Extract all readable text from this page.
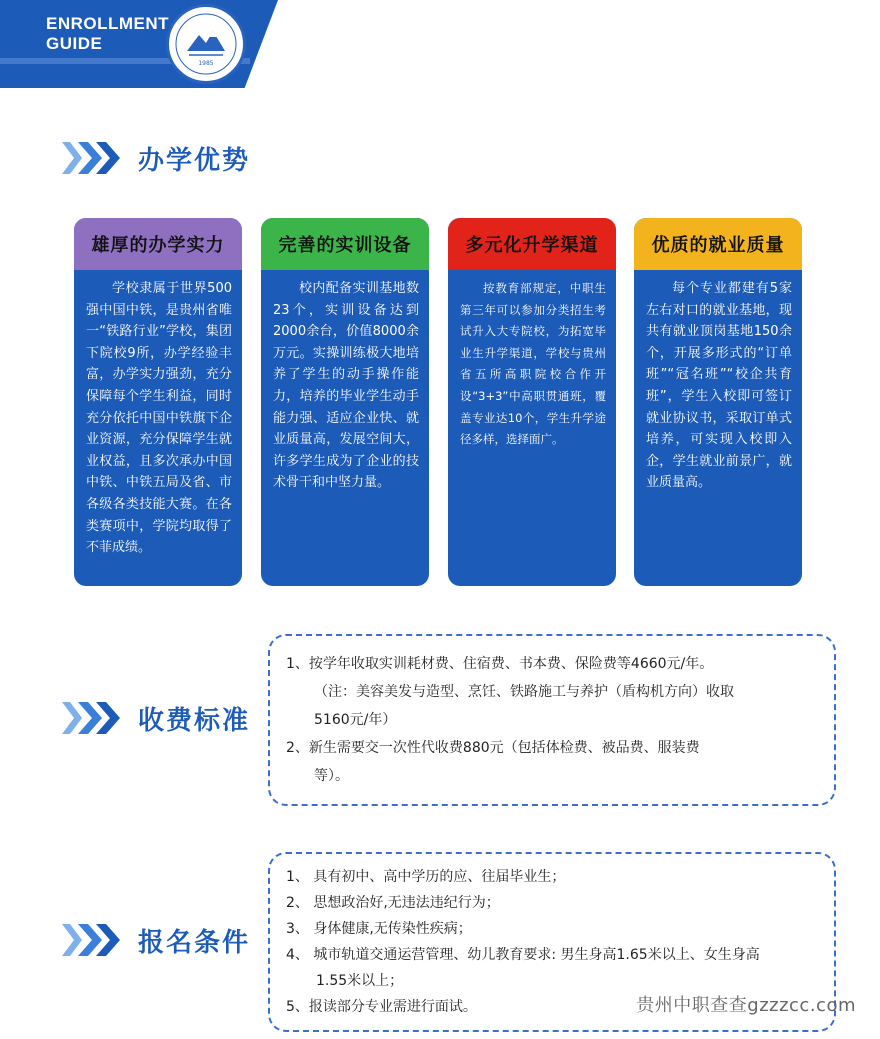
ENROLLMENT
GUIDE
1985
办学优势
雄厚的办学实力
学校隶属于世界500强中国中铁，是贵州省唯一“铁路行业”学校，集团下院校9所，办学经验丰富，办学实力强劲，充分保障每个学生利益，同时充分依托中国中铁旗下企业资源，充分保障学生就业权益，且多次承办中国中铁、中铁五局及省、市各级各类技能大赛。在各类赛项中，学院均取得了不菲成绩。
完善的实训设备
校内配备实训基地数23个，实训设备达到2000余台，价值8000余万元。实操训练极大地培养了学生的动手操作能力，培养的毕业学生动手能力强、适应企业快、就业质量高，发展空间大，许多学生成为了企业的技术骨干和中坚力量。
多元化升学渠道
按教育部规定，中职生第三年可以参加分类招生考试升入大专院校，为拓宽毕业生升学渠道，学校与贵州省五所高职院校合作开设“3+3”中高职贯通班，覆盖专业达10个，学生升学途径多样，选择面广。
优质的就业质量
每个专业都建有5家左右对口的就业基地，现共有就业顶岗基地150余个，开展多形式的“订单班”“冠名班”“校企共育班”，学生入校即可签订就业协议书，采取订单式培养，可实现入校即入企，学生就业前景广，就业质量高。
收费标准
1、按学年收取实训耗材费、住宿费、书本费、保险费等4660元/年。
（注：美容美发与造型、烹饪、铁路施工与养护（盾构机方向）收取
5160元/年）
2、新生需要交一次性代收费880元（包括体检费、被品费、服装费
等）。
报名条件
1、 具有初中、高中学历的应、往届毕业生；
2、 思想政治好,无违法违纪行为；
3、 身体健康,无传染性疾病；
4、 城市轨道交通运营管理、幼儿教育要求: 男生身高1.65米以上、女生身高
1.55米以上；
5、报读部分专业需进行面试。	贵州中职查查gzzzcc.com
